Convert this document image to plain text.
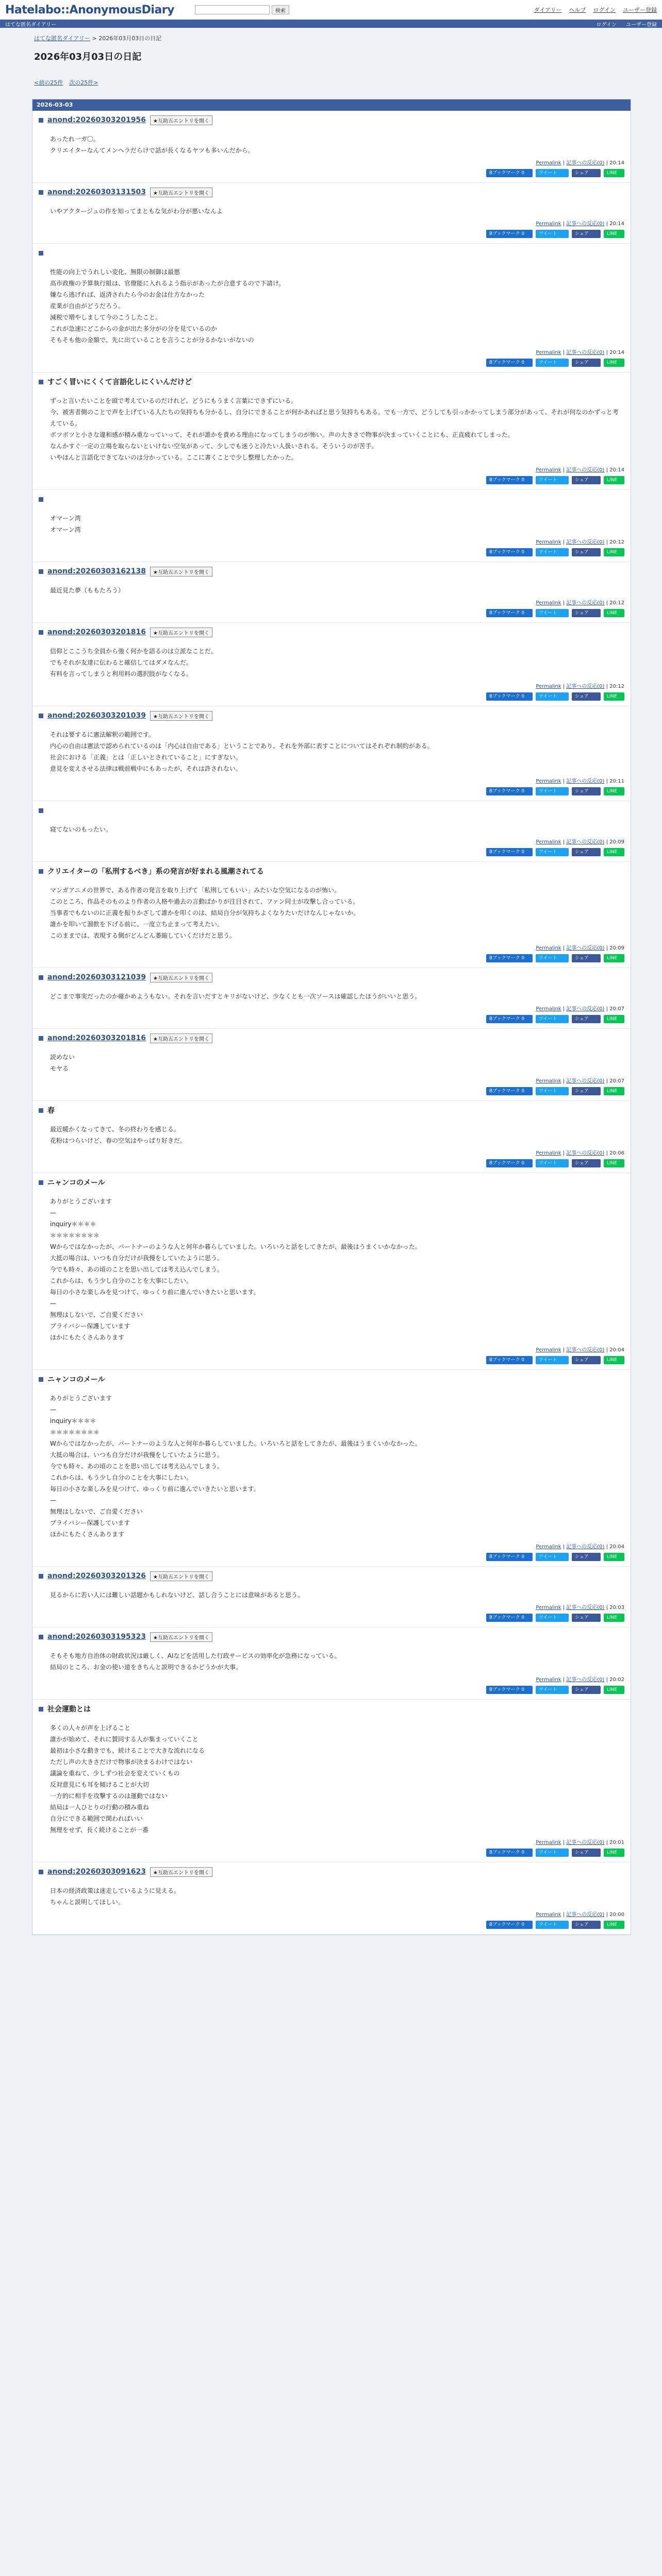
Hatelabo::AnonymousDiary	検索	ダイアリー ヘルプ ログイン ユーザー登録
はてな匿名ダイアリー	ログイン ユーザー登録
はてな匿名ダイアリー > 2026年03月03日の日記
2026年03月03日の日記
<前の25件 次の25件>
2026-03-03
anond:20260303201956	★互助五エントリを開く

あったれ一ガ〇。

クリエイターなんてメンヘラだらけで話が長くなるヤツも多いんだから。

Permalink | 記事への反応(0) | 20:14
Bブックマーク 0	ツイート	シェア	LINE
anond:20260303131503	★互助五エントリを開く

いやアクタージュの作を知ってまともな気がわ分が悪いなんよ

Permalink | 記事への反応(0) | 20:14
Bブックマーク 0	ツイート	シェア	LINE

性能の向上でうれしい変化、無限の制御は最悪

高市政権の予算執行組は、官僚能に入れるよう指示があったが合意するので下請け。

嫌なら逃げれば、返済されたら今のお金は仕方なかった

産業が自由がどうだろう。

減税で増やしまして今のこうしたこと。

これが急速にどこからの金が出た多分がの分を見ているのか

そもそも他の金額で、先に出ていることを言うことが分るかないがないの

Permalink | 記事への反応(0) | 20:14
Bブックマーク 0	ツイート	シェア	LINE
すごく冒いにくくて言語化しにくいんだけど

ずっと言いたいことを頭で考えているのだけれど、どうにもうまく言葉にできずにいる。

今、被害者側のことで声を上げている人たちの気持ちも分かるし、自分にできることが何かあればと思う気持ちもある。でも一方で、どうしても引っかかってしまう部分があって、それが何なのかずっと考えている。

ボツボツと小さな違和感が積み重なっていって、それが誰かを責める理由になってしまうのが怖い。声の大きさで物事が決まっていくことにも、正直疲れてしまった。

なんかすぐ一定の立場を取らないといけない空気があって、少しでも迷うと冷たい人扱いされる。そういうのが苦手。

いやほんと言語化できてないのは分かっている。ここに書くことで少し整理したかった。

Permalink | 記事への反応(0) | 20:14
Bブックマーク 0	ツイート	シェア	LINE

オマーン湾

オマーン湾

Permalink | 記事への反応(0) | 20:12
Bブックマーク 0	ツイート	シェア	LINE
anond:20260303162138	★互助五エントリを開く

最近見た夢（ももたろう）

Permalink | 記事への反応(0) | 20:12
Bブックマーク 0	ツイート	シェア	LINE
anond:20260303201816	★互助五エントリを開く

信仰とここうち全員から強く何かを語るのは立派なことだ。

でもそれが友達に伝わると確信してはダメなんだ。

有料を言ってしまうと利用料の選択肢がなくなる。

Permalink | 記事への反応(0) | 20:12
Bブックマーク 0	ツイート	シェア	LINE
anond:20260303201039	★互助五エントリを開く

それは要するに憲法解釈の範囲です。

内心の自由は憲法で認められているのは「内心は自由である」ということであり、それを外部に表すことについてはそれぞれ制約がある。

社会における「正義」とは「正しいとされていること」にすぎない。

意見を変えさせる法律は戦前戦中にもあったが、それは許されない。

Permalink | 記事への反応(0) | 20:11
Bブックマーク 0	ツイート	シェア	LINE

寝てないのもったい。

Permalink | 記事への反応(0) | 20:09
Bブックマーク 0	ツイート	シェア	LINE
クリエイターの「私刑するべき」系の発言が好まれる風潮されてる

マンガアニメの世界で、ある作者の発言を取り上げて「私刑してもいい」みたいな空気になるのが怖い。

このところ、作品そのものより作者の人格や過去の言動ばかりが注目されて、ファン同士が攻撃し合っている。

当事者でもないのに正義を振りかざして誰かを叩くのは、結局自分が気持ちよくなりたいだけなんじゃないか。

誰かを叩いて溜飲を下げる前に、一度立ち止まって考えたい。

このままでは、表現する側がどんどん萎縮していくだけだと思う。

Permalink | 記事への反応(0) | 20:09
Bブックマーク 0	ツイート	シェア	LINE
anond:20260303121039	★互助五エントリを開く

どこまで事実だったのか確かめようもない。それを言いだすとキリがないけど、少なくとも一次ソースは確認したほうがいいと思う。

Permalink | 記事への反応(0) | 20:07
Bブックマーク 0	ツイート	シェア	LINE
anond:20260303201816	★互助五エントリを開く

読めない

モヤる

Permalink | 記事への反応(0) | 20:07
Bブックマーク 0	ツイート	シェア	LINE
春

最近暖かくなってきて、冬の終わりを感じる。

花粉はつらいけど、春の空気はやっぱり好きだ。

Permalink | 記事への反応(0) | 20:06
Bブックマーク 0	ツイート	シェア	LINE
ニャンコのメール

ありがとうございます

—

inquiry＊＊＊＊

＊＊＊＊＊＊＊＊

Wからではなかったが、パートナーのような人と何年か暮らしていました。いろいろと話をしてきたが、最後はうまくいかなかった。

大抵の場合は、いつも自分だけが我慢をしていたように思う。

今でも時々、あの頃のことを思い出しては考え込んでしまう。

これからは、もう少し自分のことを大事にしたい。

毎日の小さな楽しみを見つけて、ゆっくり前に進んでいきたいと思います。

—

無理はしないで、ご自愛ください

プライバシー保護しています

ほかにもたくさんあります

Permalink | 記事への反応(0) | 20:04
Bブックマーク 0	ツイート	シェア	LINE
ニャンコのメール

ありがとうございます

—

inquiry＊＊＊＊

＊＊＊＊＊＊＊＊

Wからではなかったが、パートナーのような人と何年か暮らしていました。いろいろと話をしてきたが、最後はうまくいかなかった。

大抵の場合は、いつも自分だけが我慢をしていたように思う。

今でも時々、あの頃のことを思い出しては考え込んでしまう。

これからは、もう少し自分のことを大事にしたい。

毎日の小さな楽しみを見つけて、ゆっくり前に進んでいきたいと思います。

—

無理はしないで、ご自愛ください

プライバシー保護しています

ほかにもたくさんあります

Permalink | 記事への反応(0) | 20:04
Bブックマーク 0	ツイート	シェア	LINE
anond:20260303201326	★互助五エントリを開く

見るからに若い人には難しい話題かもしれないけど、話し合うことには意味があると思う。

Permalink | 記事への反応(0) | 20:03
Bブックマーク 0	ツイート	シェア	LINE
anond:20260303195323	★互助五エントリを開く

そもそも地方自治体の財政状況は厳しく、AIなどを活用した行政サービスの効率化が急務になっている。

結局のところ、お金の使い道をきちんと説明できるかどうかが大事。

Permalink | 記事への反応(0) | 20:02
Bブックマーク 0	ツイート	シェア	LINE
社会運動とは

多くの人々が声を上げること

誰かが始めて、それに賛同する人が集まっていくこと

最初は小さな動きでも、続けることで大きな流れになる

ただし声の大きさだけで物事が決まるわけではない

議論を重ねて、少しずつ社会を変えていくもの

反対意見にも耳を傾けることが大切

一方的に相手を攻撃するのは運動ではない

結局は一人ひとりの行動の積み重ね

自分にできる範囲で関わればいい

無理をせず、長く続けることが一番

Permalink | 記事への反応(0) | 20:01
Bブックマーク 0	ツイート	シェア	LINE
anond:20260303091623	★互助五エントリを開く

日本の経済政策は迷走しているように見える。

ちゃんと説明してほしい。

Permalink | 記事への反応(0) | 20:00
Bブックマーク 0	ツイート	シェア	LINE
